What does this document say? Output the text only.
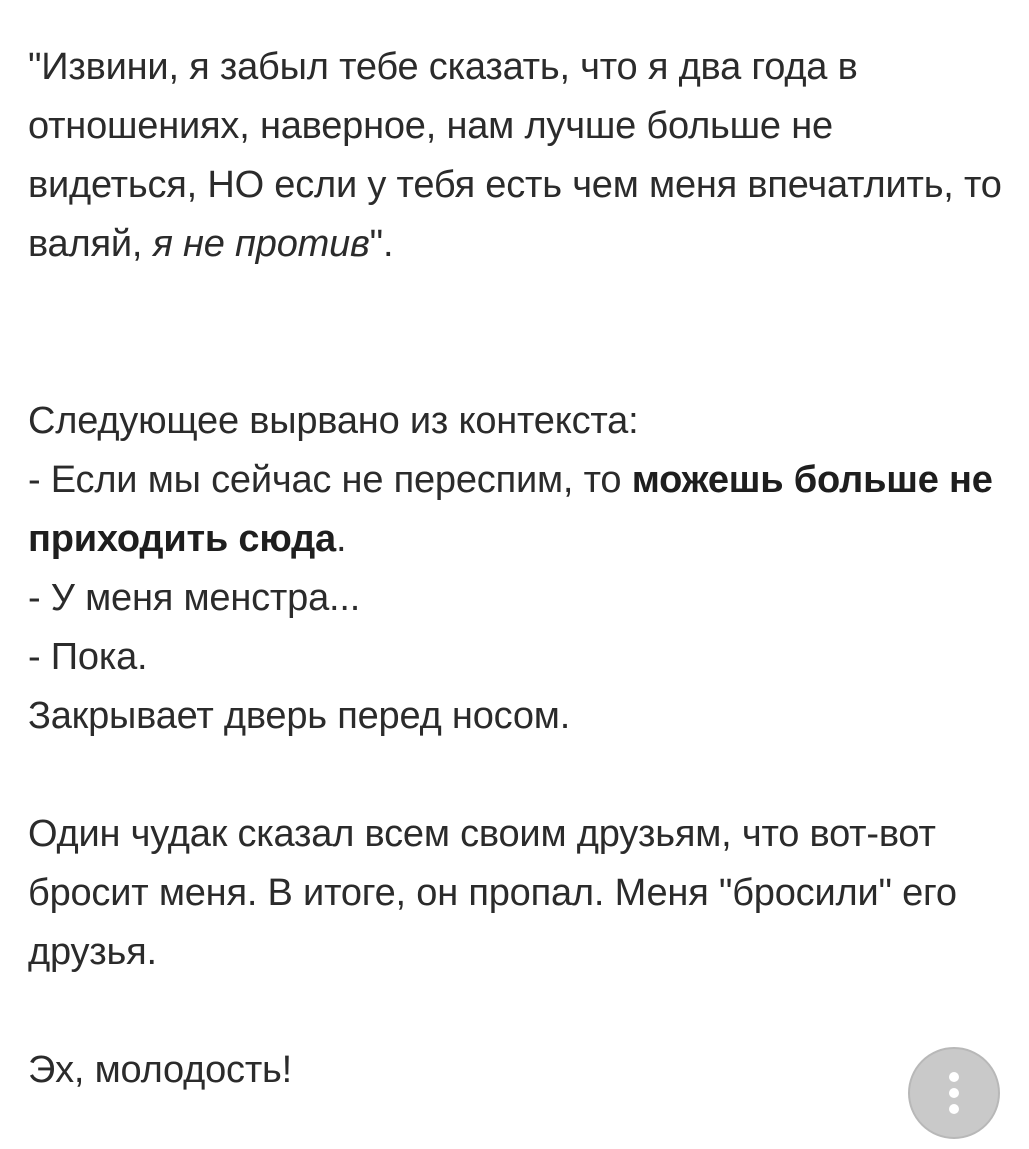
"Извини, я забыл тебе сказать, что я два года в отношениях, наверное, нам лучше больше не видеться, НО если у тебя есть чем меня впечатлить, то валяй, я не против".

Следующее вырвано из контекста:
- Если мы сейчас не переспим, то можешь больше не приходить сюда.
- У меня менстра...
- Пока.
Закрывает дверь перед носом.

Один чудак сказал всем своим друзьям, что вот-вот бросит меня. В итоге, он пропал. Меня "бросили" его друзья.

Эх, молодость!
